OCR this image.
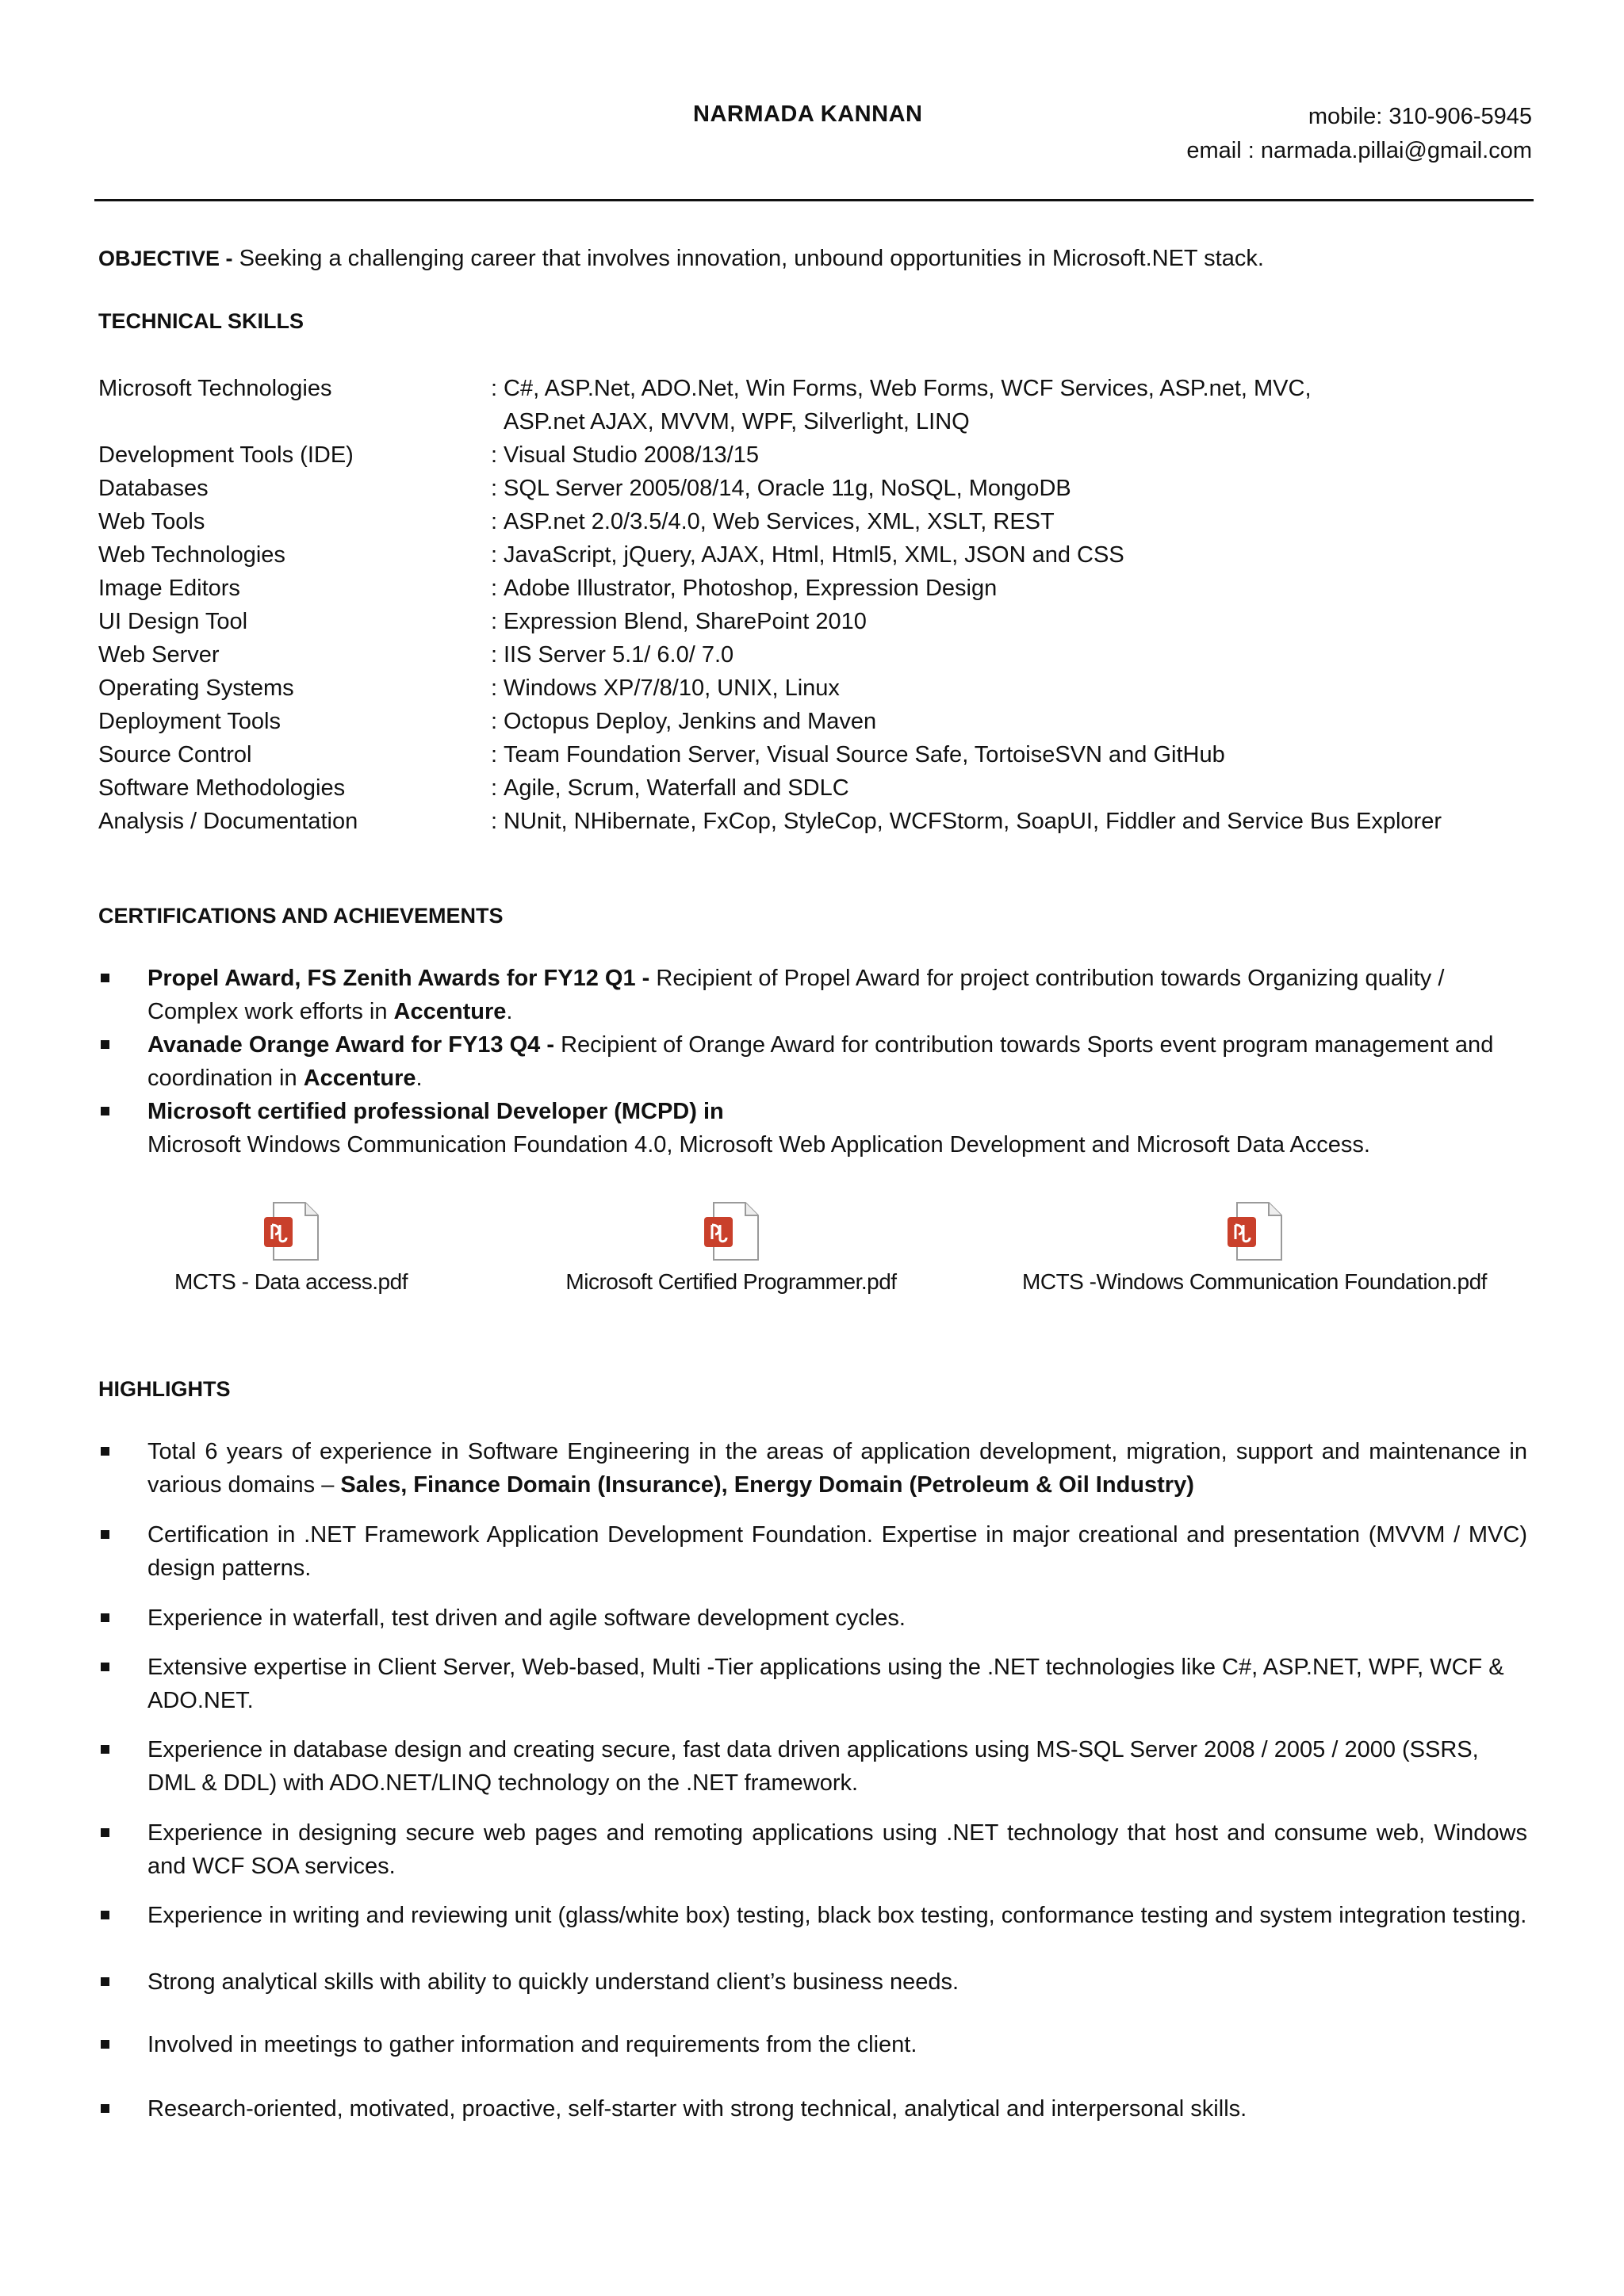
NARMADA KANNAN	mobile: 310-906-5945
email : narmada.pillai@gmail.com
OBJECTIVE - Seeking a challenging career that involves innovation, unbound opportunities in Microsoft.NET stack.
TECHNICAL SKILLS
Microsoft Technologies	: C#, ASP.Net, ADO.Net, Win Forms, Web Forms, WCF Services, ASP.net, MVC,
ASP.net AJAX, MVVM, WPF, Silverlight, LINQ
Development Tools (IDE)	: Visual Studio 2008/13/15
Databases	: SQL Server 2005/08/14, Oracle 11g, NoSQL, MongoDB
Web Tools	: ASP.net 2.0/3.5/4.0, Web Services, XML, XSLT, REST
Web Technologies	: JavaScript, jQuery, AJAX, Html, Html5, XML, JSON and CSS
Image Editors	: Adobe Illustrator, Photoshop, Expression Design
UI Design Tool	: Expression Blend, SharePoint 2010
Web Server	: IIS Server 5.1/ 6.0/ 7.0
Operating Systems	: Windows XP/7/8/10, UNIX, Linux
Deployment Tools	: Octopus Deploy, Jenkins and Maven
Source Control	: Team Foundation Server, Visual Source Safe, TortoiseSVN and GitHub
Software Methodologies	: Agile, Scrum, Waterfall and SDLC
Analysis / Documentation	: NUnit, NHibernate, FxCop, StyleCop, WCFStorm, SoapUI, Fiddler and Service Bus Explorer
CERTIFICATIONS AND ACHIEVEMENTS
Propel Award, FS Zenith Awards for FY12 Q1 - Recipient of Propel Award for project contribution towards Organizing quality / Complex work efforts in Accenture.
Avanade Orange Award for FY13 Q4 - Recipient of Orange Award for contribution towards Sports event program management and coordination in Accenture.
Microsoft certified professional Developer (MCPD) in
Microsoft Windows Communication Foundation 4.0, Microsoft Web Application Development and Microsoft Data Access.
MCTS - Data access.pdf	Microsoft Certified Programmer.pdf	MCTS -Windows Communication Foundation.pdf
HIGHLIGHTS
Total 6 years of experience in Software Engineering in the areas of application development, migration, support and maintenance in various domains – Sales, Finance Domain (Insurance), Energy Domain (Petroleum & Oil Industry)
Certification in .NET Framework Application Development Foundation. Expertise in major creational and presentation (MVVM / MVC) design patterns.
Experience in waterfall, test driven and agile software development cycles.
Extensive expertise in Client Server, Web-based, Multi -Tier applications using the .NET technologies like C#, ASP.NET, WPF, WCF & ADO.NET.
Experience in database design and creating secure, fast data driven applications using MS-SQL Server 2008 / 2005 / 2000 (SSRS, DML & DDL) with ADO.NET/LINQ technology on the .NET framework.
Experience in designing secure web pages and remoting applications using .NET technology that host and consume web, Windows and WCF SOA services.
Experience in writing and reviewing unit (glass/white box) testing, black box testing, conformance testing and system integration testing.
Strong analytical skills with ability to quickly understand client’s business needs.
Involved in meetings to gather information and requirements from the client.
Research-oriented, motivated, proactive, self-starter with strong technical, analytical and interpersonal skills.
